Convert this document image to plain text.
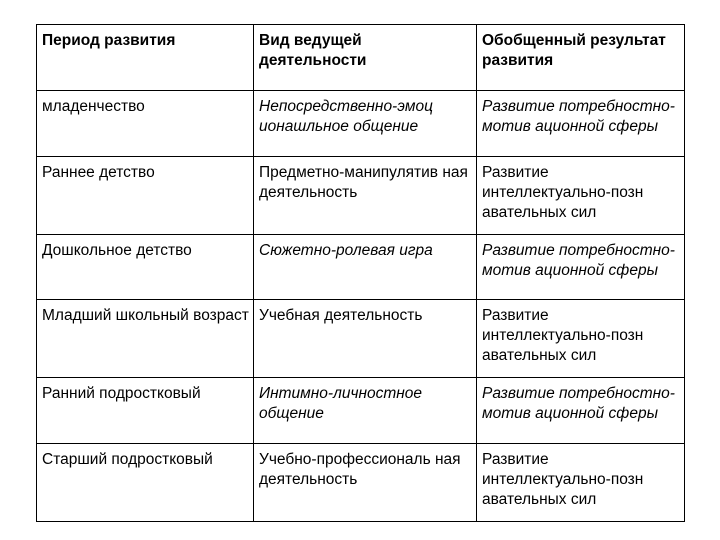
Период развития	Вид ведущей деятельности	Обобщенный результат развития
младенчество	Непосредственно-эмоц ионашльное общение	Развитие потребностно-мотив ационной сферы
Раннее детство	Предметно-манипулятив ная деятельность	Развитие интеллектуально-позн авательных сил
Дошкольное детство	Сюжетно-ролевая игра	Развитие потребностно-мотив ационной сферы
Младший школьный возраст	Учебная деятельность	Развитие интеллектуально-позн авательных сил
Ранний подростковый	Интимно-личностное общение	Развитие потребностно-мотив ационной сферы
Старший подростковый	Учебно-профессиональ ная деятельность	Развитие интеллектуально-позн авательных сил
